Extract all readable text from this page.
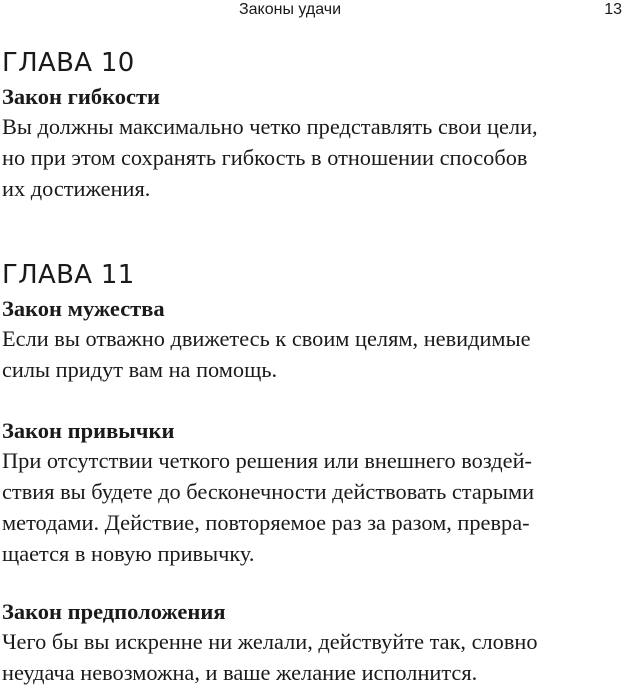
Законы удачи	13
ГЛАВА 10
Закон гибкости
Вы должны максимально четко представлять свои цели,
но при этом сохранять гибкость в отношении способов
их достижения.
ГЛАВА 11
Закон мужества
Если вы отважно движетесь к своим целям, невидимые
силы придут вам на помощь.
Закон привычки
При отсутствии четкого решения или внешнего воздей-
ствия вы будете до бесконечности действовать старыми
методами. Действие, повторяемое раз за разом, превра-
щается в новую привычку.
Закон предположения
Чего бы вы искренне ни желали, действуйте так, словно
неудача невозможна, и ваше желание исполнится.
